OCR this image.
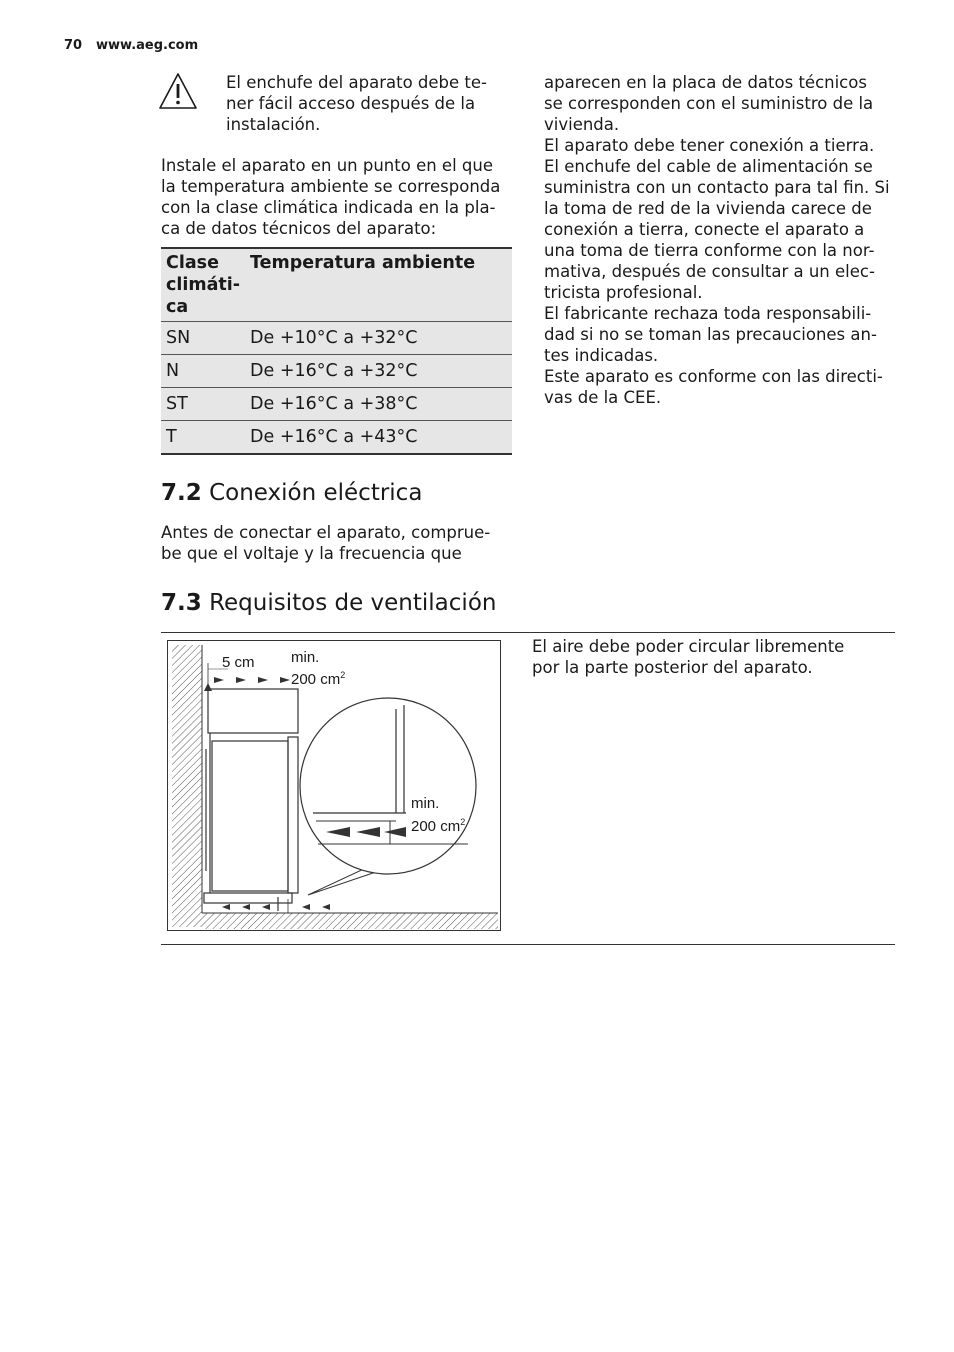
70 www.aeg.com

El enchufe del aparato debe te-
ner fácil acceso después de la
instalación.

Instale el aparato en un punto en el que
la temperatura ambiente se corresponda
con la clase climática indicada en la pla-
ca de datos técnicos del aparato:

Clase
climáti-
ca	Temperatura ambiente
SN	De +10°C a +32°C
N	De +16°C a +32°C
ST	De +16°C a +38°C
T	De +16°C a +43°C
7.2 Conexión eléctrica

Antes de conectar el aparato, comprue-
be que el voltaje y la frecuencia que

aparecen en la placa de datos técnicos
se corresponden con el suministro de la
vivienda.
El aparato debe tener conexión a tierra.
El enchufe del cable de alimentación se
suministra con un contacto para tal fin. Si
la toma de red de la vivienda carece de
conexión a tierra, conecte el aparato a
una toma de tierra conforme con la nor-
mativa, después de consultar a un elec-
tricista profesional.
El fabricante rechaza toda responsabili-
dad si no se toman las precauciones an-
tes indicadas.
Este aparato es conforme con las directi-
vas de la CEE.

7.3 Requisitos de ventilación

El aire debe poder circular libremente
por la parte posterior del aparato.

5 cm min.
200 $cm^2$
min.
200 $cm^2$
